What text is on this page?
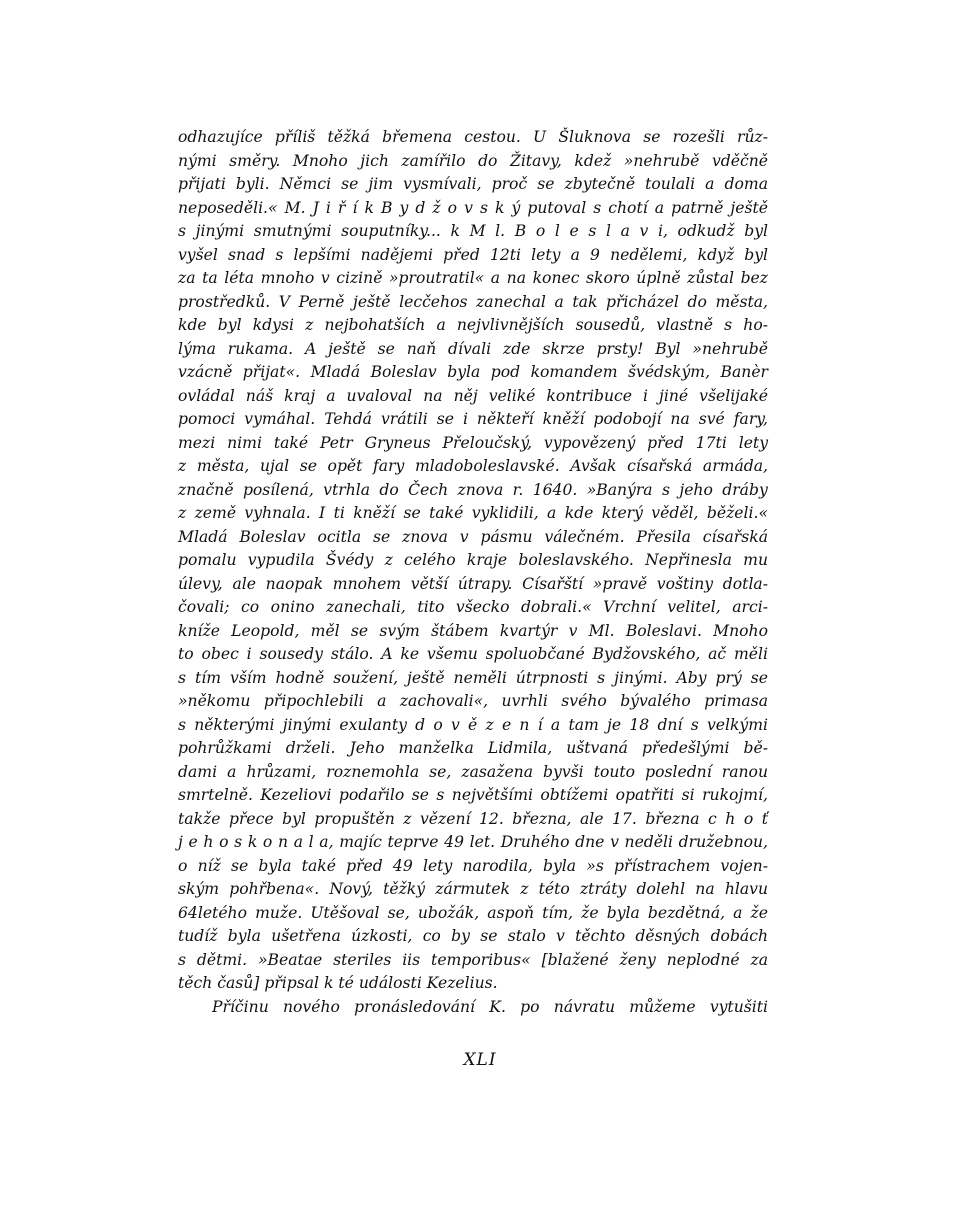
odhazujíce příliš těžká břemena cestou. U Šluknova se rozešli růz-
nými směry. Mnoho jich zamířilo do Žitavy, kdež »nehrubě vděčně
přijati byli. Němci se jim vysmívali, proč se zbytečně toulali a doma
neposeděli.« M. J i ř í k B y d ž o v s k ý putoval s chotí a patrně ještě
s jinými smutnými souputníky... k M l. B o l e s l a v i, odkudž byl
vyšel snad s lepšími nadějemi před 12ti lety a 9 nedělemi, když byl
za ta léta mnoho v cizině »proutratil« a na konec skoro úplně zůstal bez
prostředků. V Perně ještě lecčehos zanechal a tak přicházel do města,
kde byl kdysi z nejbohatších a nejvlivnějších sousedů, vlastně s ho-
lýma rukama. A ještě se naň dívali zde skrze prsty! Byl »nehrubě
vzácně přijat«. Mladá Boleslav byla pod komandem švédským, Banèr
ovládal náš kraj a uvaloval na něj veliké kontribuce i jiné všelijaké
pomoci vymáhal. Tehdá vrátili se i někteří kněží podobojí na své fary,
mezi nimi také Petr Gryneus Přeloučský, vypovězený před 17ti lety
z města, ujal se opět fary mladoboleslavské. Avšak císařská armáda,
značně posílená, vtrhla do Čech znova r. 1640. »Banýra s jeho drábу
z země vyhnala. I ti kněží se také vyklidili, a kde který věděl, běželi.«
Mladá Boleslav ocitla se znova v pásmu válečném. Přesila císařská
pomalu vypudila Švédy z celého kraje boleslavského. Nepřinesla mu
úlevy, ale naopak mnohem větší útrapy. Císařští »pravě voštiny dotla-
čovali; co onino zanechali, tito všecko dobrali.« Vrchní velitel, arci-
kníže Leopold, měl se svým štábem kvartýr v Ml. Boleslavi. Mnoho
to obec i sousedy stálo. A ke všemu spoluobčané Bydžovského, ač měli
s tím vším hodně soužení, ještě neměli útrpnosti s jinými. Aby prý se
»někomu připochlebili a zachovali«, uvrhli svého bývalého primasa
s některými jinými exulanty d o v ě z e n í a tam je 18 dní s velkými
pohrůžkami drželi. Jeho manželka Lidmila, uštvaná předešlými bě-
dami a hrůzami, roznemohla se, zasažena byvši touto poslední ranou
smrtelně. Kezeliovi podařilo se s největšími obtížemi opatřiti si rukojmí,
takže přece byl propuštěn z vězení 12. března, ale 17. března c h o ť
j e h o s k o n a l a, majíc teprve 49 let. Druhého dne v neděli družebnou,
o níž se byla také před 49 lety narodila, byla »s přístrachem vojen-
ským pohřbena«. Nový, těžký zármutek z této ztráty dolehl na hlavu
64letého muže. Utěšoval se, ubožák, aspoň tím, že byla bezdětná, a že
tudíž byla ušetřena úzkosti, co by se stalo v těchto děsných dobách
s dětmi. »Beatae steriles iis temporibus« [blažené ženy neplodné za
těch časů] připsal k té události Kezelius.
Příčinu nového pronásledování K. po návratu můžeme vytušiti
XLI
